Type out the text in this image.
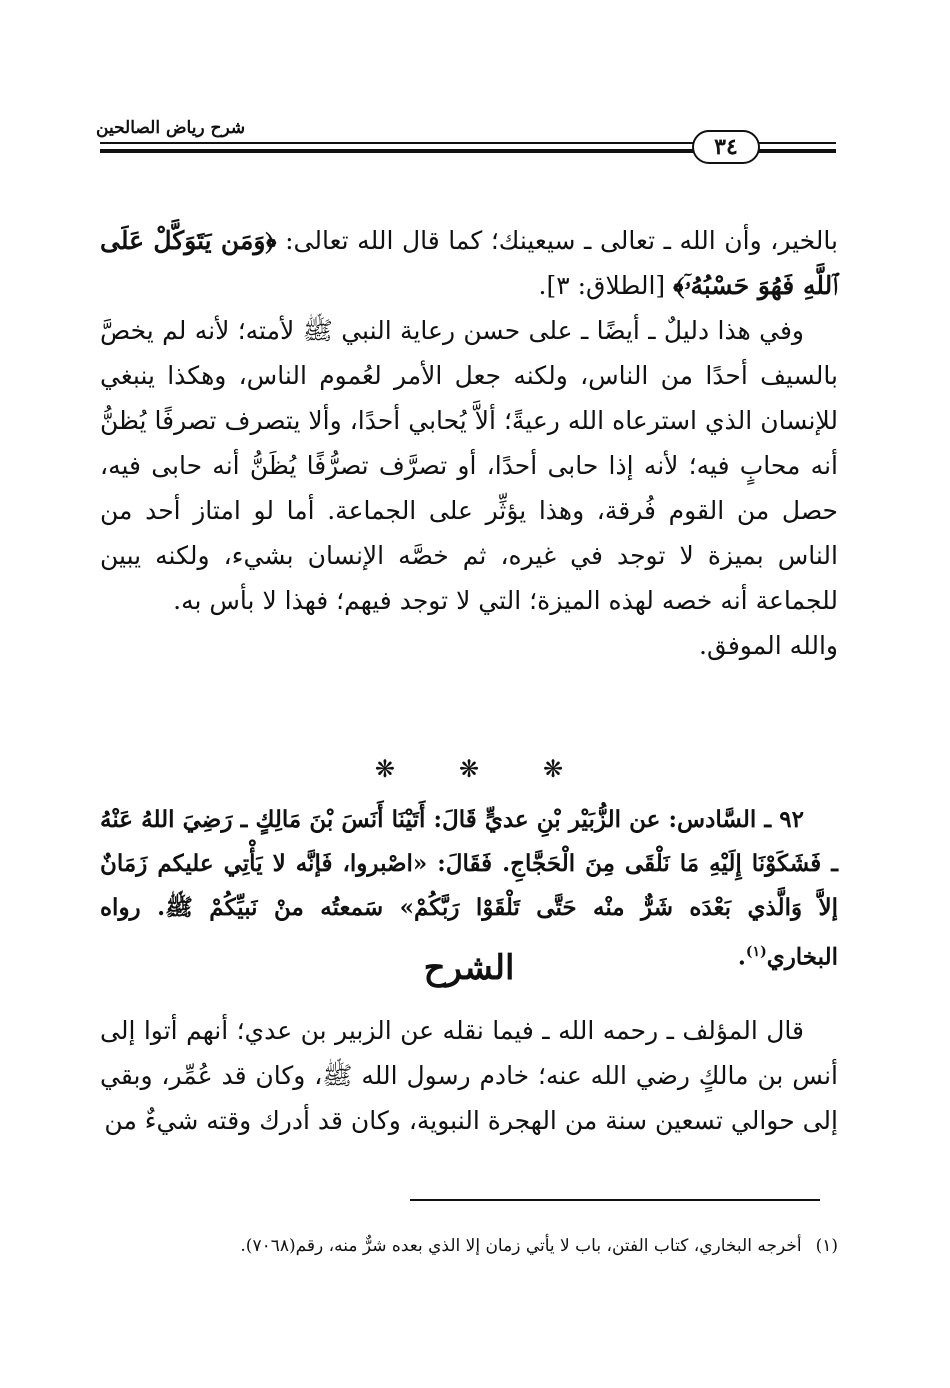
شرح رياض الصالحين
٣٤

بالخير، وأن الله ـ تعالى ـ سيعينك؛ كما قال الله تعالى: ﴿وَمَن يَتَوَكَّلْ عَلَى ٱللَّهِ فَهُوَ حَسْبُهُۥٓ﴾ [الطلاق: ٣].

وفي هذا دليلٌ ـ أيضًا ـ على حسن رعاية النبي ﷺ لأمته؛ لأنه لم يخصَّ بالسيف أحدًا من الناس، ولكنه جعل الأمر لعُموم الناس، وهكذا ينبغي للإنسان الذي استرعاه الله رعيةً؛ ألاَّ يُحابي أحدًا، وألا يتصرف تصرفًا يُظنُّ أنه محابٍ فيه؛ لأنه إذا حابى أحدًا، أو تصرَّف تصرُّفًا يُظَنُّ أنه حابى فيه، حصل من القوم فُرقة، وهذا يؤثِّر على الجماعة. أما لو امتاز أحد من الناس بميزة لا توجد في غيره، ثم خصَّه الإنسان بشيء، ولكنه يبين للجماعة أنه خصه لهذه الميزة؛ التي لا توجد فيهم؛ فهذا لا بأس به.

والله الموفق.

❋❋❋

٩٢ ـ السَّادس: عن الزُّبَيْر بْنِ عديٍّ قَالَ: أَتَيْنَا أَنَسَ بْنَ مَالِكٍ ـ رَضِيَ اللهُ عَنْهُ ـ فَشَكَوْنَا إِلَيْهِ مَا نَلْقَى مِنَ الْحَجَّاجِ. فَقَالَ: «اصْبروا، فَإنَّه لا يَأْتِي عليكم زَمَانٌ إلاَّ وَالَّذي بَعْدَه شَرٌّ منْه حَتَّى تَلْقَوْا رَبَّكُمْ» سَمعتُه منْ نَبيِّكُمْ ﷺ. رواه البخاري$^{(١)}$.

الشرح

قال المؤلف ـ رحمه الله ـ فيما نقله عن الزبير بن عدي؛ أنهم أتوا إلى أنس بن مالكٍ رضي الله عنه؛ خادم رسول الله ﷺ، وكان قد عُمِّر، وبقي إلى حوالي تسعين سنة من الهجرة النبوية، وكان قد أدرك وقته شيءٌ من

(١)أخرجه البخاري، كتاب الفتن، باب لا يأتي زمان إلا الذي بعده شرٌّ منه، رقم(٧٠٦٨).
